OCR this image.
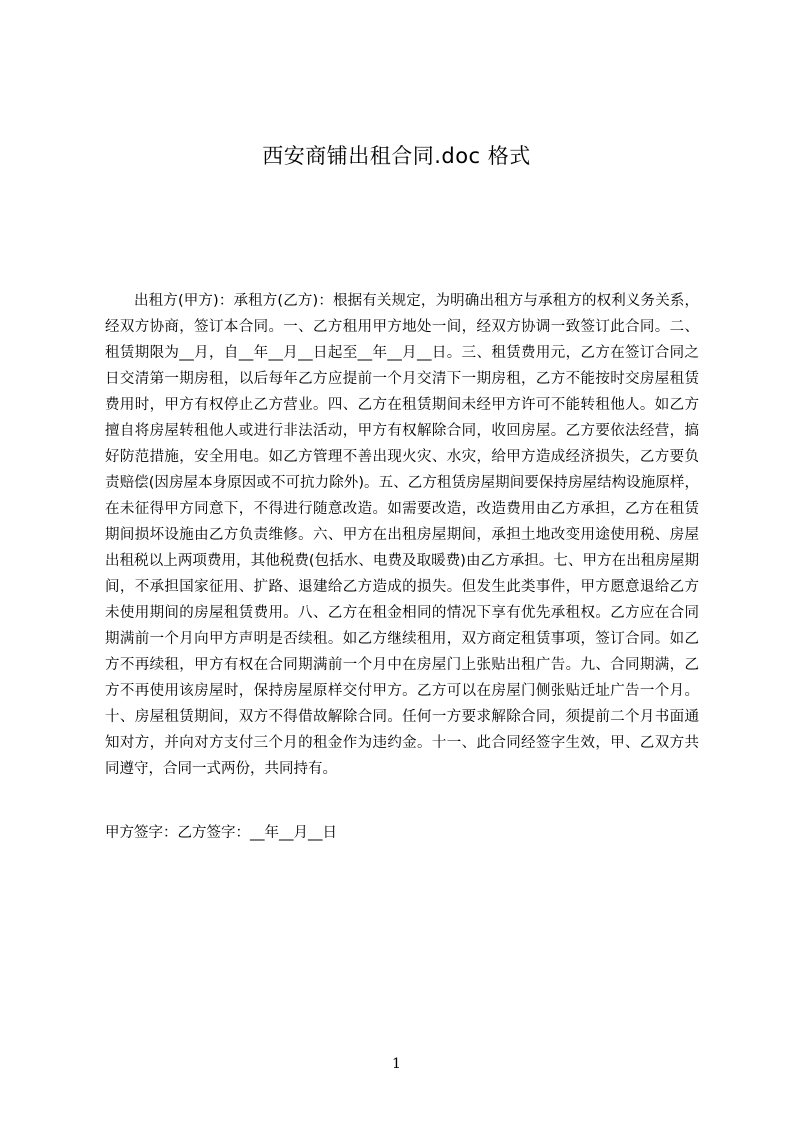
西安商铺出租合同.doc 格式

出租方(甲方)：承租方(乙方)：根据有关规定，为明确出租方与承租方的权利义务关系，经双方协商，签订本合同。一、乙方租用甲方地处一间，经双方协调一致签订此合同。二、租赁期限为__月，自__年__月__日起至__年__月__日。三、租赁费用元，乙方在签订合同之日交清第一期房租，以后每年乙方应提前一个月交清下一期房租，乙方不能按时交房屋租赁费用时，甲方有权停止乙方营业。四、乙方在租赁期间未经甲方许可不能转租他人。如乙方擅自将房屋转租他人或进行非法活动，甲方有权解除合同，收回房屋。乙方要依法经营，搞好防范措施，安全用电。如乙方管理不善出现火灾、水灾，给甲方造成经济损失，乙方要负责赔偿(因房屋本身原因或不可抗力除外)。五、乙方租赁房屋期间要保持房屋结构设施原样，在未征得甲方同意下，不得进行随意改造。如需要改造，改造费用由乙方承担，乙方在租赁期间损坏设施由乙方负责维修。六、甲方在出租房屋期间，承担土地改变用途使用税、房屋出租税以上两项费用，其他税费(包括水、电费及取暖费)由乙方承担。七、甲方在出租房屋期间，不承担国家征用、扩路、退建给乙方造成的损失。但发生此类事件，甲方愿意退给乙方未使用期间的房屋租赁费用。八、乙方在租金相同的情况下享有优先承租权。乙方应在合同期满前一个月向甲方声明是否续租。如乙方继续租用，双方商定租赁事项，签订合同。如乙方不再续租，甲方有权在合同期满前一个月中在房屋门上张贴出租广告。九、合同期满，乙方不再使用该房屋时，保持房屋原样交付甲方。乙方可以在房屋门侧张贴迁址广告一个月。十、房屋租赁期间，双方不得借故解除合同。任何一方要求解除合同，须提前二个月书面通知对方，并向对方支付三个月的租金作为违约金。十一、此合同经签字生效，甲、乙双方共同遵守，合同一式两份，共同持有。

甲方签字：乙方签字：__年__月__日
1
